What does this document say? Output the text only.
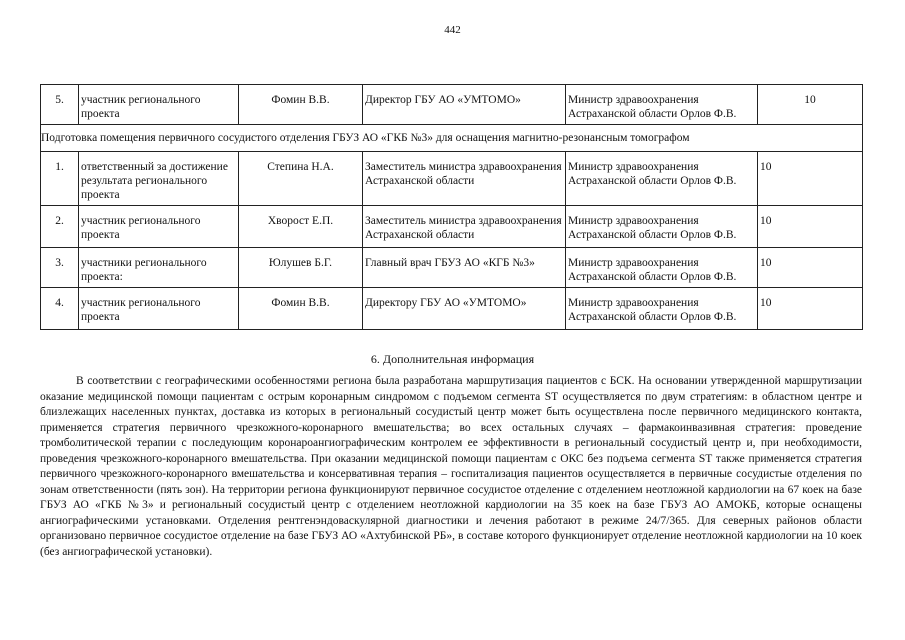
442
5.	участник регионального проекта	Фомин В.В.	Директор ГБУ АО «УМТОМО»	Министр здравоохранения Астраханской области Орлов Ф.В.	10
Подготовка помещения первичного сосудистого отделения ГБУЗ АО «ГКБ №3» для оснащения магнитно-резонансным томографом					
1.	ответственный за достижение результата регионального проекта	Степина Н.А.	Заместитель министра здравоохранения Астраханской области	Министр здравоохранения Астраханской области Орлов Ф.В.	10
2.	участник регионального проекта	Хворост Е.П.	Заместитель министра здравоохранения Астраханской области	Министр здравоохранения Астраханской области Орлов Ф.В.	10
3.	участники регионального проекта:	Юлушев Б.Г.	Главный врач ГБУЗ АО «КГБ №3»	Министр здравоохранения Астраханской области Орлов Ф.В.	10
4.	участник регионального проекта	Фомин В.В.	Директору ГБУ АО «УМТОМО»	Министр здравоохранения Астраханской области Орлов Ф.В.	10
6. Дополнительная информация
В соответствии с географическими особенностями региона была разработана маршрутизация пациентов с БСК. На основании утвержденной маршрутизации оказание медицинской помощи пациентам с острым коронарным синдромом с подъемом сегмента ST осуществляется по двум стратегиям: в областном центре и близлежащих населенных пунктах, доставка из которых в региональный сосудистый центр может быть осуществлена после первичного медицинского контакта, применяется стратегия первичного чрезкожного-коронарного вмешательства; во всех остальных случаях – фармакоинвазивная стратегия: проведение тромболитической терапии с последующим коронароангиографическим контролем ее эффективности в региональный сосудистый центр и, при необходимости, проведения чрезкожного-коронарного вмешательства. При оказании медицинской помощи пациентам с ОКС без подъема сегмента ST также применяется стратегия первичного чрезкожного-коронарного вмешательства и консервативная терапия – госпитализация пациентов осуществляется в первичные сосудистые отделения по зонам ответственности (пять зон). На территории региона функционируют первичное сосудистое отделение с отделением неотложной кардиологии на 67 коек на базе ГБУЗ АО «ГКБ №3» и региональный сосудистый центр с отделением неотложной кардиологии на 35 коек на базе ГБУЗ АО АМОКБ, которые оснащены ангиографическими установками. Отделения рентгенэндоваскулярной диагностики и лечения работают в режиме 24/7/365. Для северных районов области организовано первичное сосудистое отделение на базе ГБУЗ АО «Ахтубинской РБ», в составе которого функционирует отделение неотложной кардиологии на 10 коек (без ангиографической установки).
